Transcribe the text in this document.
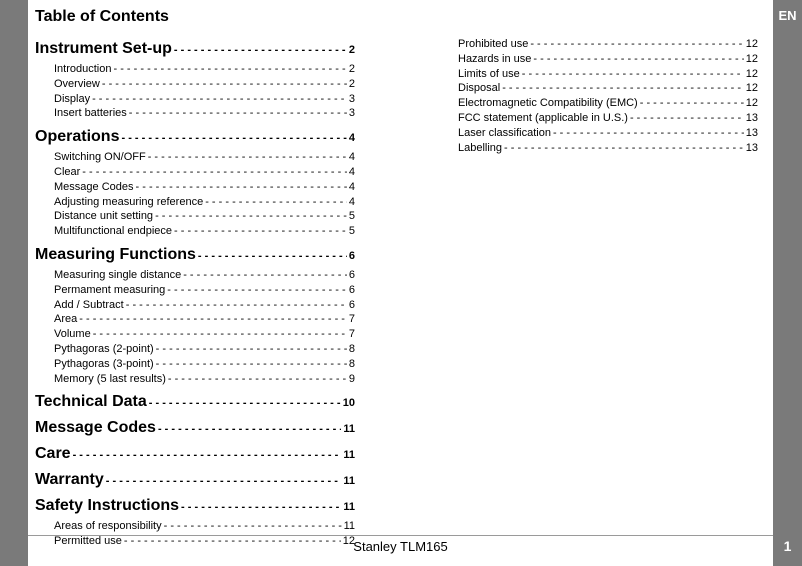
EN
1
Stanley TLM165
Table of Contents
Instrument Set-up - - -	2
Introduction - - -	2
Overview - - -	2
Display - - -	3
Insert batteries - - -	3
Operations - - -	4
Switching ON/OFF - - -	4
Clear - - -	4
Message Codes - - -	4
Adjusting measuring reference - - -	4
Distance unit setting - - -	5
Multifunctional endpiece - - -	5
Measuring Functions - - -	6
Measuring single distance - - -	6
Permament measuring - - -	6
Add / Subtract - - -	6
Area - - -	7
Volume - - -	7
Pythagoras (2-point) - - -	8
Pythagoras (3-point) - - -	8
Memory (5 last results) - - -	9
Technical Data - - -	10
Message Codes - - -	11
Care - - -	11
Warranty - - -	11
Safety Instructions - - -	11
Areas of responsibility - - -	11
Permitted use - - -	12
Prohibited use - - -	12
Hazards in use - - -	12
Limits of use - - -	12
Disposal - - -	12
Electromagnetic Compatibility (EMC) - - -	12
FCC statement (applicable in U.S.) - - -	13
Laser classification - - -	13
Labelling - - -	13
